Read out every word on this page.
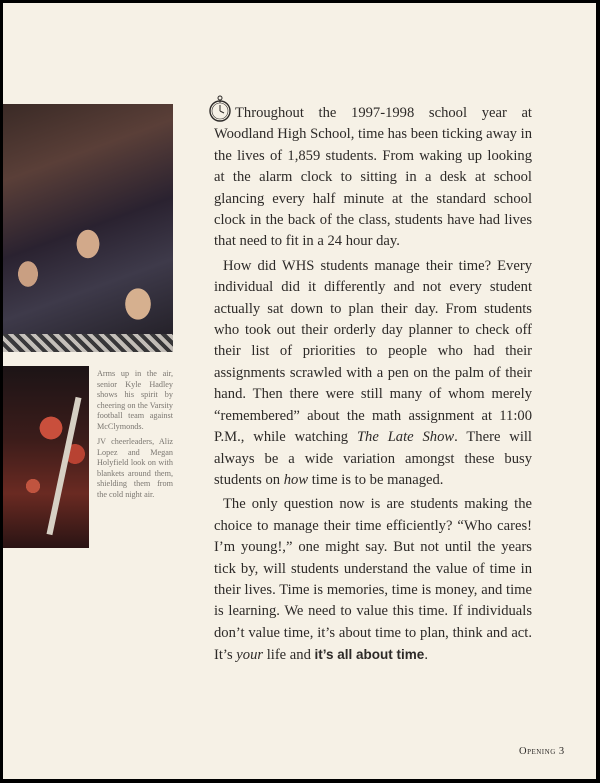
Arms up in the air, senior Kyle Hadley shows his spirit by cheering on the Varsity football team against McClymonds.
JV cheerleaders, Aliz Lopez and Megan Holyfield look on with blankets around them, shielding them from the cold night air.

Throughout the 1997-1998 school year at Woodland High School, time has been ticking away in the lives of 1,859 students. From waking up looking at the alarm clock to sitting in a desk at school glancing every half minute at the standard school clock in the back of the class, students have had lives that need to fit in a 24 hour day.

How did WHS students manage their time? Every individual did it differently and not every student actually sat down to plan their day. From students who took out their orderly day planner to check off their list of priorities to people who had their assignments scrawled with a pen on the palm of their hand. Then there were still many of whom merely “remembered” about the math assignment at 11:00 P.M., while watching The Late Show. There will always be a wide variation amongst these busy students on how time is to be managed.

The only question now is are students making the choice to manage their time efficiently? “Who cares! I’m young!,” one might say. But not until the years tick by, will students understand the value of time in their lives. Time is memories, time is money, and time is learning. We need to value this time. If individuals don’t value time, it’s about time to plan, think and act. It’s your life and it’s all about time.

Opening 3
